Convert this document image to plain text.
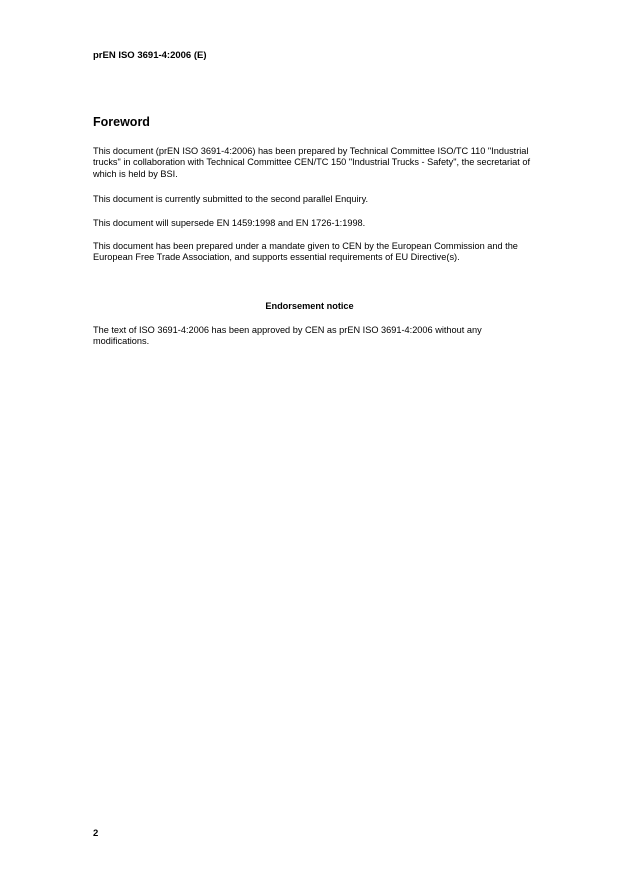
prEN ISO 3691-4:2006 (E)

Foreword

This document (prEN ISO 3691-4:2006) has been prepared by Technical Committee ISO/TC 110 "Industrial trucks" in collaboration with Technical Committee CEN/TC 150 "Industrial Trucks - Safety", the secretariat of which is held by BSI.

This document is currently submitted to the second parallel Enquiry.

This document will supersede EN 1459:1998 and EN 1726-1:1998.

This document has been prepared under a mandate given to CEN by the European Commission and the European Free Trade Association, and supports essential requirements of EU Directive(s).

Endorsement notice

The text of ISO 3691-4:2006 has been approved by CEN as prEN ISO 3691-4:2006 without any modifications.

2
